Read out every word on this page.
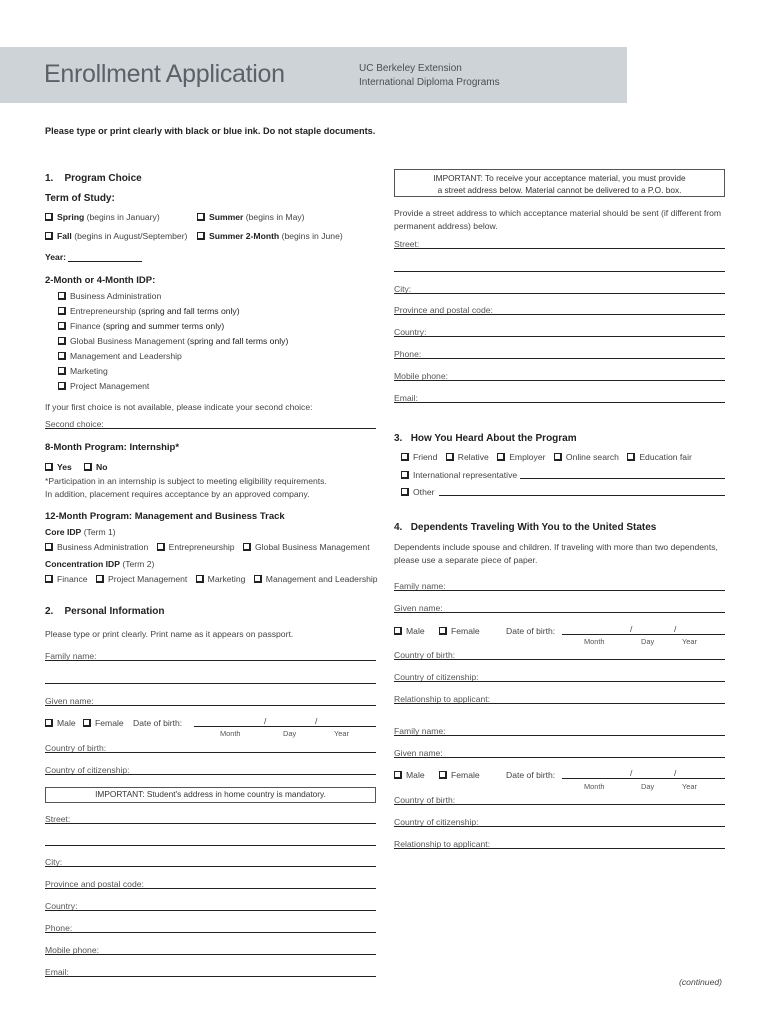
Enrollment Application	UC Berkeley Extension
International Diploma Programs
Please type or print clearly with black or blue ink. Do not staple documents.
1. Program Choice
Term of Study:
Spring (begins in January)	Summer (begins in May)
Fall (begins in August/September)	Summer 2-Month (begins in June)
Year:
2-Month or 4-Month IDP:
Business Administration
Entrepreneurship (spring and fall terms only)
Finance (spring and summer terms only)
Global Business Management (spring and fall terms only)
Management and Leadership
Marketing
Project Management
If your first choice is not available, please indicate your second choice:
Second choice:
8-Month Program: Internship*
Yes	No
*Participation in an internship is subject to meeting eligibility requirements.
In addition, placement requires acceptance by an approved company.
12-Month Program: Management and Business Track
Core IDP (Term 1)
Business Administration Entrepreneurship Global Business Management
Concentration IDP (Term 2)
Finance Project Management Marketing Management and Leadership
2. Personal Information
Please type or print clearly. Print name as it appears on passport.
Family name:
Given name:
Male	Female Date of birth:	/	/
Month	Day	Year
Country of birth:
Country of citizenship:
IMPORTANT: Student's address in home country is mandatory.
Street:
City:
Province and postal code:
Country:
Phone:
Mobile phone:
Email:
IMPORTANT: To receive your acceptance material, you must provide
a street address below. Material cannot be delivered to a P.O. box.
Provide a street address to which acceptance material should be sent (if different from
permanent address) below.
Street:
City:
Province and postal code:
Country:
Phone:
Mobile phone:
Email:
3. How You Heard About the Program
Friend Relative Employer Online search Education fair
International representative
Other
4. Dependents Traveling With You to the United States
Dependents include spouse and children. If traveling with more than two dependents,
please use a separate piece of paper.
Family name:
Given name:
Male	Female	Date of birth:	/	/
Month	Day	Year
Country of birth:
Country of citizenship:
Relationship to applicant:
Family name:
Given name:
Male	Female	Date of birth:	/	/
Month	Day	Year
Country of birth:
Country of citizenship:
Relationship to applicant:
(continued)
